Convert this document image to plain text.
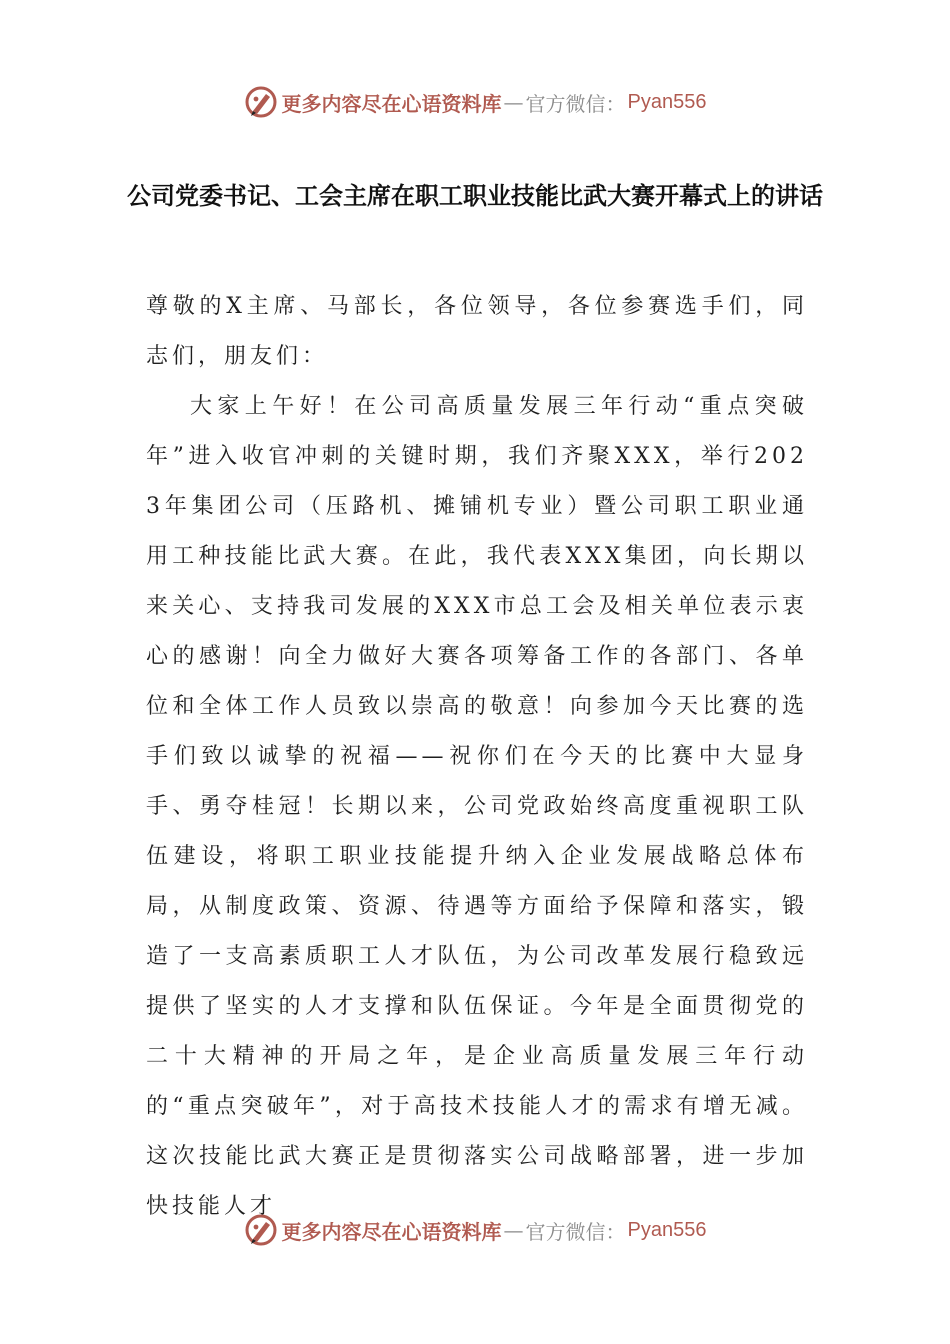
更多内容尽在心语资料库 — 官方微信： Pyan556
公司党委书记、工会主席在职工职业技能比武大赛开幕式上的讲话

尊敬的X主席、马部长，各位领导，各位参赛选手们，同志们，朋友们：

大家上午好！在公司高质量发展三年行动“重点突破年”进入收官冲刺的关键时期，我们齐聚XXX，举行2023年集团公司（压路机、摊铺机专业）暨公司职工职业通用工种技能比武大赛。在此，我代表XXX集团，向长期以来关心、支持我司发展的XXX市总工会及相关单位表示衷心的感谢！向全力做好大赛各项筹备工作的各部门、各单位和全体工作人员致以崇高的敬意！向参加今天比赛的选手们致以诚挚的祝福——祝你们在今天的比赛中大显身手、勇夺桂冠！长期以来，公司党政始终高度重视职工队伍建设，将职工职业技能提升纳入企业发展战略总体布局，从制度政策、资源、待遇等方面给予保障和落实，锻造了一支高素质职工人才队伍，为公司改革发展行稳致远提供了坚实的人才支撑和队伍保证。今年是全面贯彻党的二十大精神的开局之年，是企业高质量发展三年行动的“重点突破年”，对于高技术技能人才的需求有增无减。这次技能比武大赛正是贯彻落实公司战略部署，进一步加快技能人才

更多内容尽在心语资料库 — 官方微信： Pyan556
